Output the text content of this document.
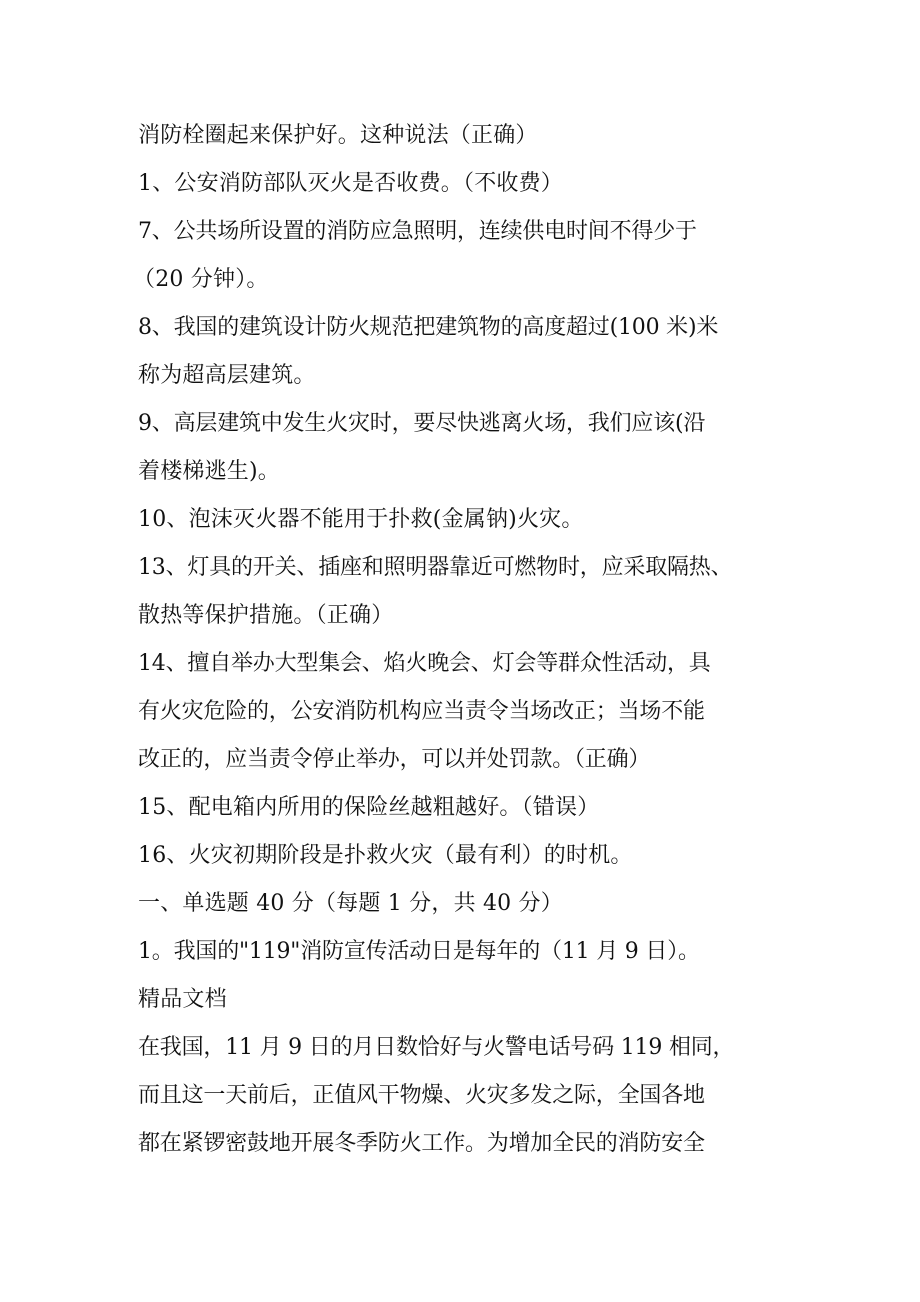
消防栓圈起来保护好。这种说法（正确）
1、公安消防部队灭火是否收费。（不收费）
7、公共场所设置的消防应急照明，连续供电时间不得少于
（20 分钟）。
8、我国的建筑设计防火规范把建筑物的高度超过(100 米)米
称为超高层建筑。
9、高层建筑中发生火灾时，要尽快逃离火场，我们应该(沿
着楼梯逃生)。
10、泡沫灭火器不能用于扑救(金属钠)火灾。
13、灯具的开关、插座和照明器靠近可燃物时，应采取隔热、
散热等保护措施。（正确）
14、擅自举办大型集会、焰火晚会、灯会等群众性活动，具
有火灾危险的，公安消防机构应当责令当场改正；当场不能
改正的，应当责令停止举办，可以并处罚款。（正确）
15、配电箱内所用的保险丝越粗越好。（错误）
16、火灾初期阶段是扑救火灾（最有利）的时机。
一、单选题 40 分（每题 1 分，共 40 分）
1。我国的"119"消防宣传活动日是每年的（11 月 9 日）。
精品文档
在我国，11 月 9 日的月日数恰好与火警电话号码 119 相同，
而且这一天前后，正值风干物燥、火灾多发之际，全国各地
都在紧锣密鼓地开展冬季防火工作。为增加全民的消防安全
